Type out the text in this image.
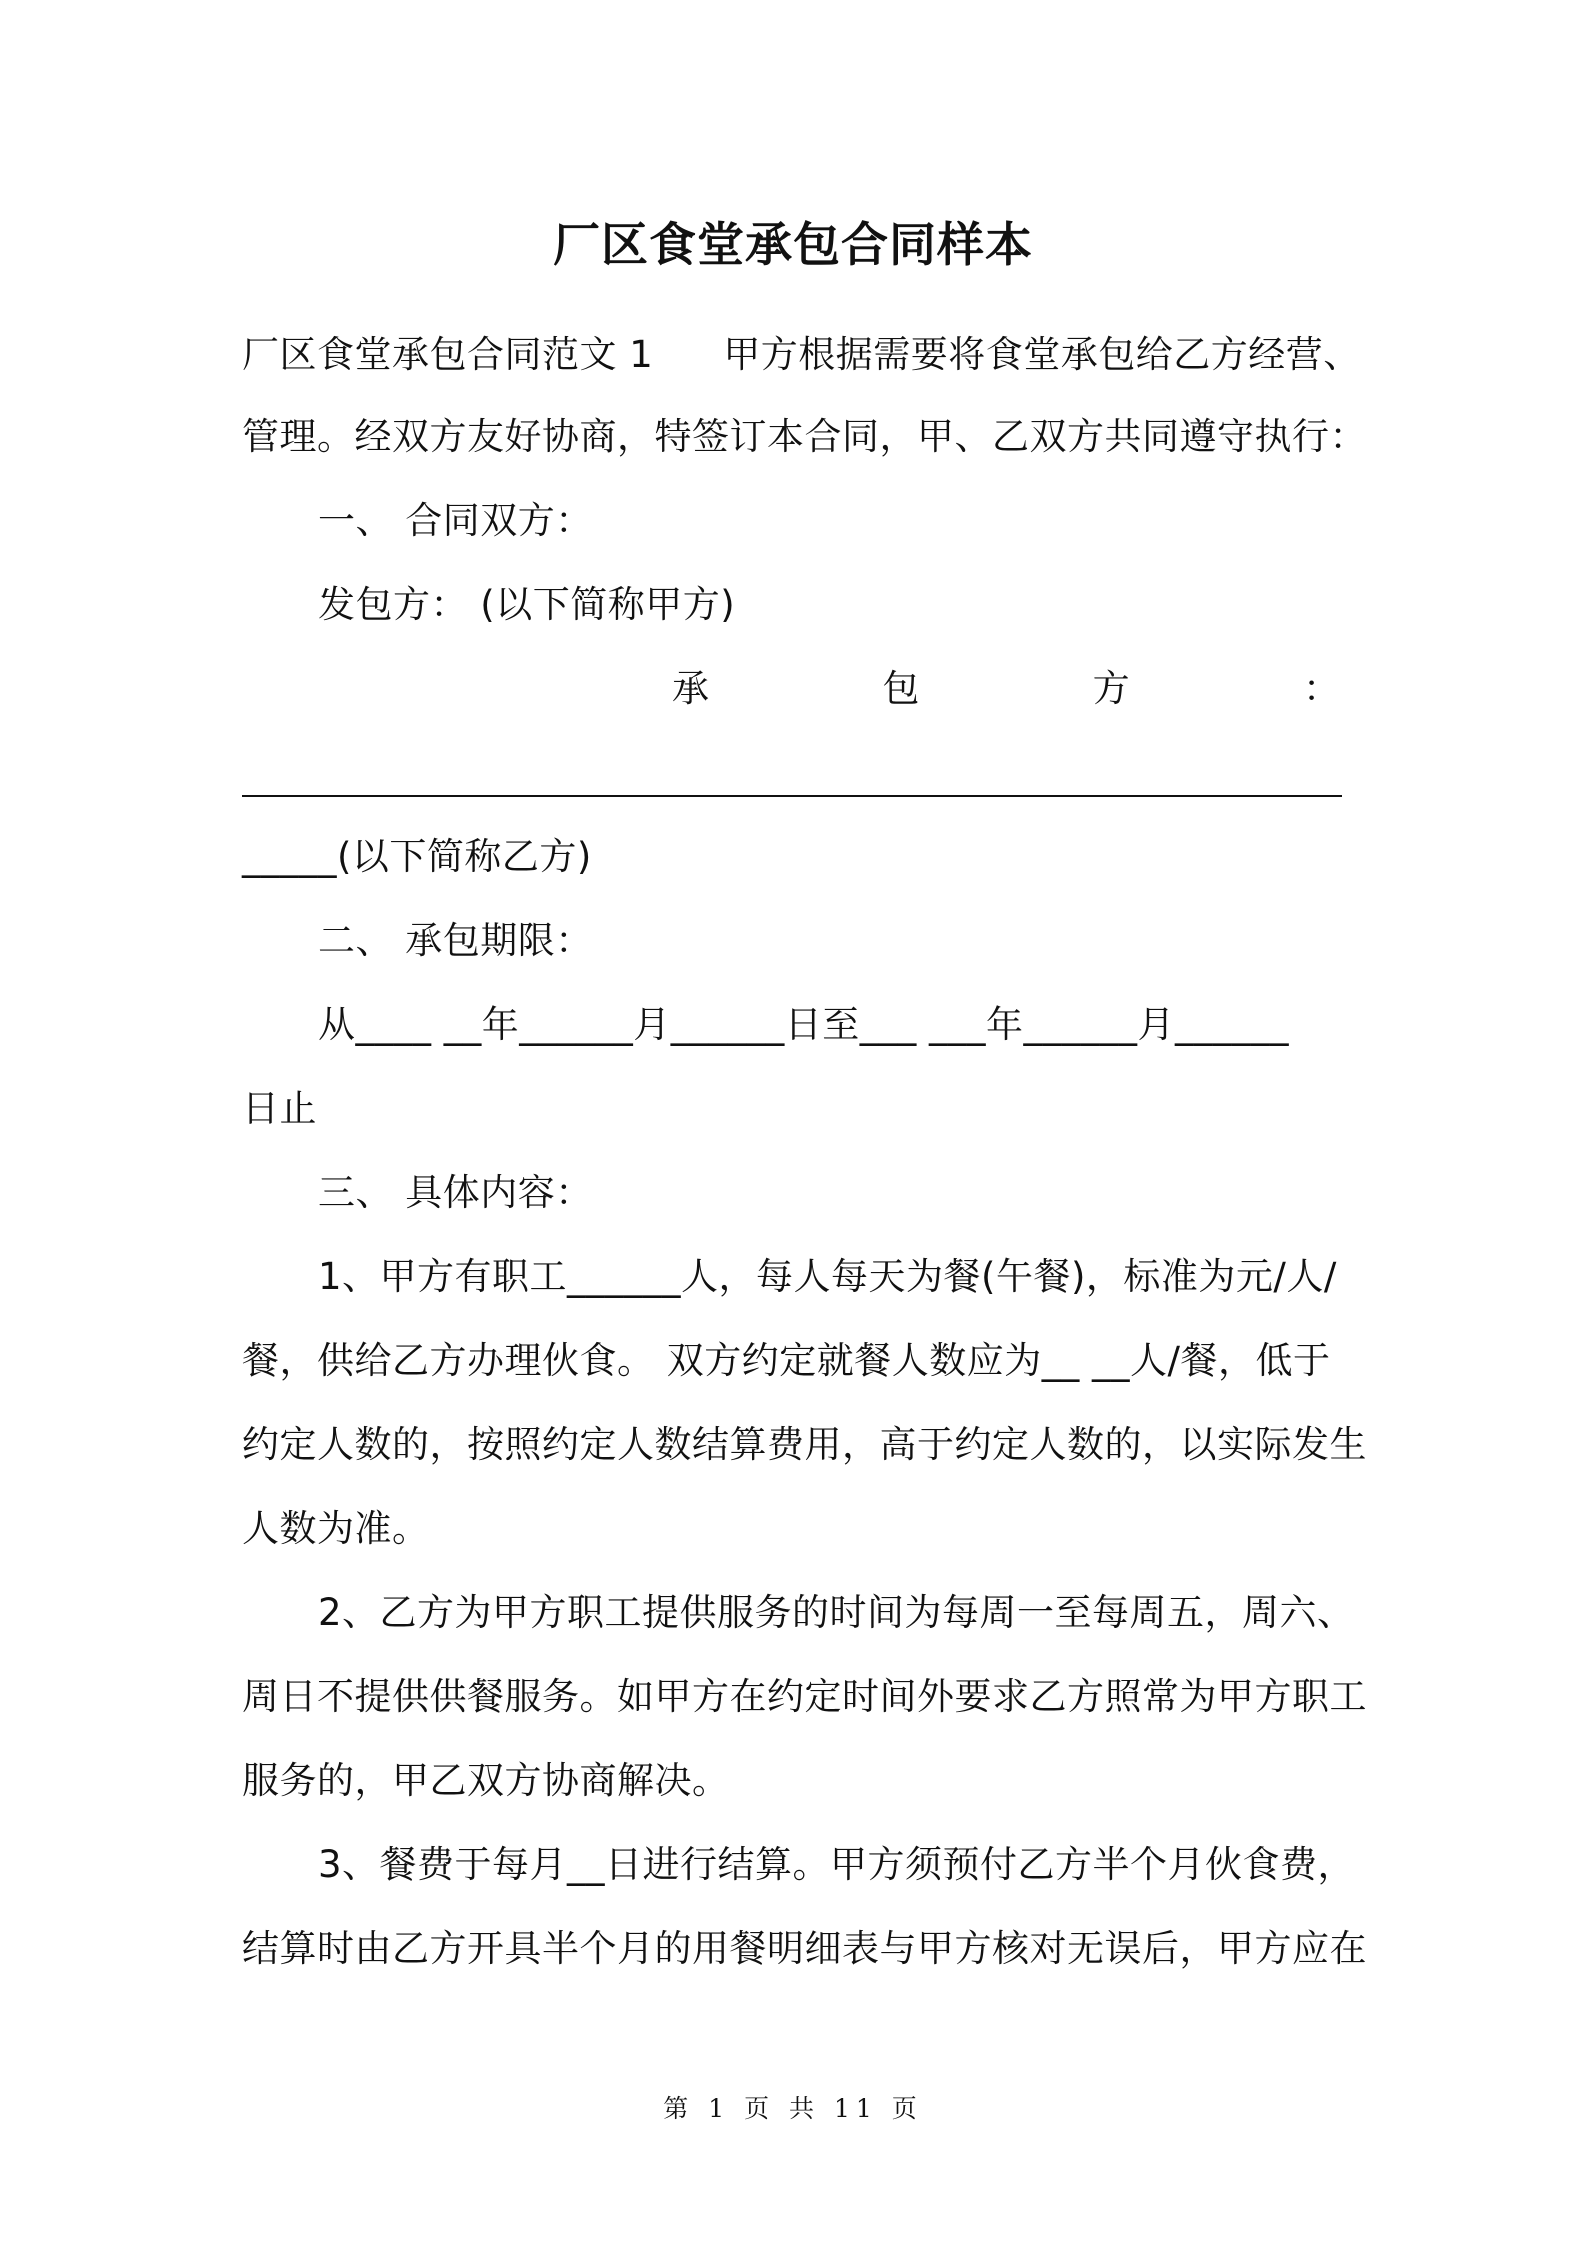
厂区食堂承包合同样本
厂区食堂承包合同范文 1 甲方根据需要将食堂承包给乙方经营、
管理。经双方友好协商，特签订本合同，甲、乙双方共同遵守执行：
一、 合同双方：
发包方： (以下简称甲方)
承	包	方	：
_____(以下简称乙方)
二、 承包期限：
从____ __年______月______日至___ ___年______月______
日止
三、 具体内容：
1、甲方有职工______人，每人每天为餐(午餐)，标准为元/人/
餐，供给乙方办理伙食。 双方约定就餐人数应为__ __人/餐，低于
约定人数的，按照约定人数结算费用，高于约定人数的，以实际发生
人数为准。
2、乙方为甲方职工提供服务的时间为每周一至每周五，周六、
周日不提供供餐服务。如甲方在约定时间外要求乙方照常为甲方职工
服务的，甲乙双方协商解决。
3、餐费于每月__日进行结算。甲方须预付乙方半个月伙食费，
结算时由乙方开具半个月的用餐明细表与甲方核对无误后，甲方应在
第 1 页 共 11 页
